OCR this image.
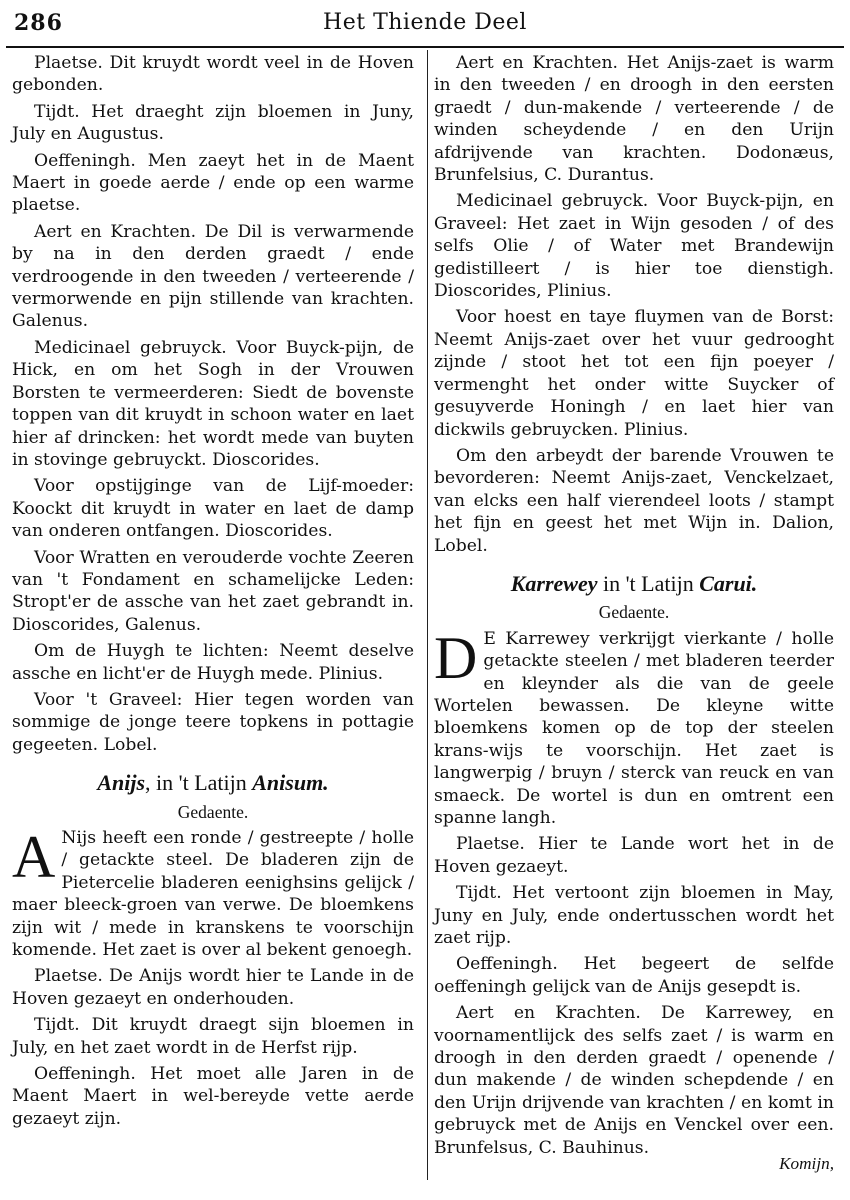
286	Het Thiende Deel

Plaetse. Dit kruydt wordt veel in de Hoven gebonden.

Tijdt. Het draeght zijn bloemen in Juny, July en Augustus.

Oeffeningh. Men zaeyt het in de Maent Maert in goede aerde / ende op een warme plaetse.

Aert en Krachten. De Dil is verwarmende by na in den derden graedt / ende verdroogende in den tweeden / verteerende / vermorwende en pijn stillende van krachten. Galenus.

Medicinael gebruyck. Voor Buyck-pijn, de Hick, en om het Sogh in der Vrouwen Borsten te vermeerderen: Siedt de bovenste toppen van dit kruydt in schoon water en laet hier af drincken: het wordt mede van buyten in stovinge gebruyckt. Dioscorides.

Voor opstijginge van de Lijf-moeder: Koockt dit kruydt in water en laet de damp van onderen ontfangen. Dioscorides.

Voor Wratten en verouderde vochte Zeeren van 't Fondament en schamelijcke Leden: Stropt'er de assche van het zaet gebrandt in. Dioscorides, Galenus.

Om de Huygh te lichten: Neemt deselve assche en licht'er de Huygh mede. Plinius.

Voor 't Graveel: Hier tegen worden van sommige de jonge teere topkens in pottagie gegeeten. Lobel.

Anijs, in 't Latijn Anisum.
Gedaente.
A Nijs heeft een ronde / gestreepte / holle / getackte steel. De bladeren zijn de Pietercelie bladeren eenighsins gelijck / maer bleeck-groen van verwe. De bloemkens zijn wit / mede in kranskens te voorschijn komende. Het zaet is over al bekent genoegh.

Plaetse. De Anijs wordt hier te Lande in de Hoven gezaeyt en onderhouden.

Tijdt. Dit kruydt draegt sijn bloemen in July, en het zaet wordt in de Herfst rijp.

Oeffeningh. Het moet alle Jaren in de Maent Maert in wel-bereyde vette aerde gezaeyt zijn.

Aert en Krachten. Het Anijs-zaet is warm in den tweeden / en droogh in den eersten graedt / dun-makende / verteerende / de winden scheydende / en den Urijn afdrijvende van krachten. Dodonæus, Brunfelsius, C. Durantus.

Medicinael gebruyck. Voor Buyck-pijn, en Graveel: Het zaet in Wijn gesoden / of des selfs Olie / of Water met Brandewijn gedistilleert / is hier toe dienstigh. Dioscorides, Plinius.

Voor hoest en taye fluymen van de Borst: Neemt Anijs-zaet over het vuur gedrooght zijnde / stoot het tot een fijn poeyer / vermenght het onder witte Suycker of gesuyverde Honingh / en laet hier van dickwils gebruycken. Plinius.

Om den arbeydt der barende Vrouwen te bevorderen: Neemt Anijs-zaet, Venckelzaet, van elcks een half vierendeel loots / stampt het fijn en geest het met Wijn in. Dalion, Lobel.

Karrewey in 't Latijn Carui.
Gedaente.
D E Karrewey verkrijgt vierkante / holle getackte steelen / met bladeren teerder en kleynder als die van de geele Wortelen bewassen. De kleyne witte bloemkens komen op de top der steelen krans-wijs te voorschijn. Het zaet is langwerpig / bruyn / sterck van reuck en van smaeck. De wortel is dun en omtrent een spanne langh.

Plaetse. Hier te Lande wort het in de Hoven gezaeyt.

Tijdt. Het vertoont zijn bloemen in May, Juny en July, ende ondertusschen wordt het zaet rijp.

Oeffeningh. Het begeert de selfde oeffeningh gelijck van de Anijs gesepdt is.

Aert en Krachten. De Karrewey, en voornamentlijck des selfs zaet / is warm en droogh in den derden graedt / openende / dun makende / de winden schepdende / en den Urijn drijvende van krachten / en komt in gebruyck met de Anijs en Venckel over een. Brunfelsus, C. Bauhinus.

Komijn,
